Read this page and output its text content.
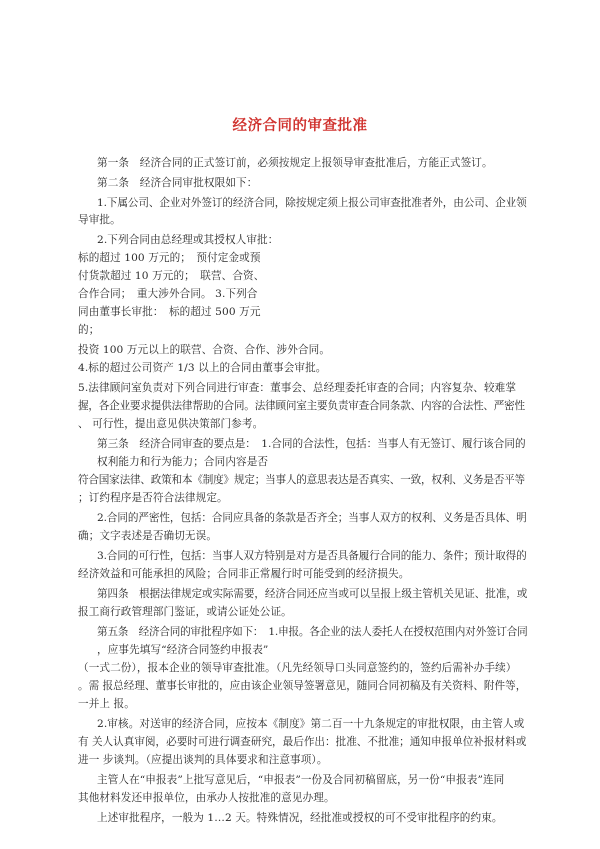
经济合同的审查批准
第一条　经济合同的正式签订前，必须按规定上报领导审查批准后，方能正式签订。
第二条　经济合同审批权限如下：
1.下属公司、企业对外签订的经济合同，除按规定须上报公司审查批准者外，由公司、企业领
导审批。
2.下列合同由总经理或其授权人审批：
标的超过 100 万元的；　预付定金或预
付货款超过 10 万元的；　联营、合资、
合作合同；　重大涉外合同。 3.下列合
同由董事长审批：　标的超过 500 万元
的；
投资 100 万元以上的联营、合资、合作、涉外合同。
4.标的超过公司资产 1/3 以上的合同由董事会审批。
5.法律顾问室负责对下列合同进行审查：董事会、总经理委托审查的合同；内容复杂、较难掌
握，各企业要求提供法律帮助的合同。法律顾问室主要负责审查合同条款、内容的合法性、严密性
、 可行性，提出意见供决策部门参考。
第三条　经济合同审查的要点是：　1.合同的合法性，包括：当事人有无签订、履行该合同的
权利能力和行为能力；合同内容是否
符合国家法律、政策和本《制度》规定；当事人的意思表达是否真实、一致，权利、义务是否平等
；订约程序是否符合法律规定。
2.合同的严密性，包括：合同应具备的条款是否齐全；当事人双方的权利、义务是否具体、明
确；文字表述是否确切无误。
3.合同的可行性，包括：当事人双方特别是对方是否具备履行合同的能力、条件；预计取得的
经济效益和可能承担的风险；合同非正常履行时可能受到的经济损失。
第四条　根据法律规定或实际需要，经济合同还应当或可以呈报上级主管机关见证、批准，或
报工商行政管理部门鉴证，或请公证处公证。
第五条　经济合同的审批程序如下：　1.申报。各企业的法人委托人在授权范围内对外签订合同
，应事先填写“经济合同签约申报表”
（一式二份），报本企业的领导审查批准。（凡先经领导口头同意签约的，签约后需补办手续）
。需 报总经理、董事长审批的，应由该企业领导签署意见，随同合同初稿及有关资料、附件等，
一并上 报。
2.审核。对送审的经济合同，应按本《制度》第二百一十九条规定的审批权限，由主管人或
有 关人认真审阅，必要时可进行调查研究，最后作出：批准、不批准；通知申报单位补报材料或
进一 步谈判。（应提出谈判的具体要求和注意事项）。
主管人在“申报表”上批写意见后，“申报表”一份及合同初稿留底，另一份“申报表”连同
其他材料发还申报单位，由承办人按批准的意见办理。
上述审批程序，一般为 1…2 天。特殊情况，经批准或授权的可不受审批程序的约束。
